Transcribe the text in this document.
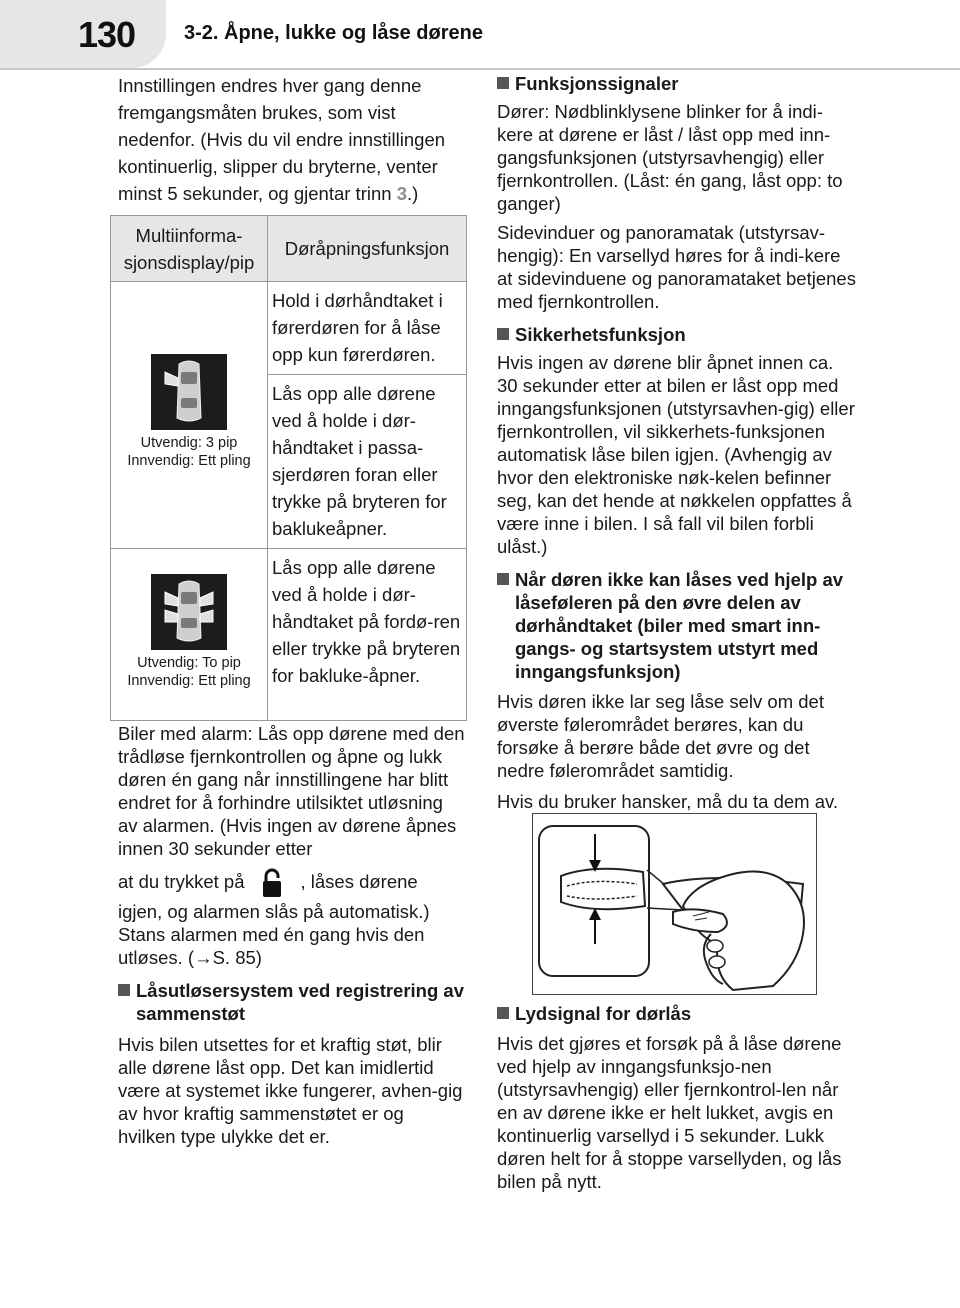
130 3-2. Åpne, lukke og låse dørene

Innstillingen endres hver gang denne fremgangsmåten brukes, som vist nedenfor. (Hvis du vil endre innstillingen kontinuerlig, slipper du bryterne, venter minst 5 sekunder, og gjentar trinn 3.)

Multiinforma-sjonsdisplay/pip	Døråpningsfunksjon

Utvendig: 3 pip
Innvendig: Ett pling	Hold i dørhåndtaket i førerdøren for å låse opp kun førerdøren.
	Lås opp alle dørene ved å holde i dør-håndtaket i passa-sjerdøren foran eller trykke på bryteren for baklukeåpner.

Utvendig: To pip
Innvendig: Ett pling	Lås opp alle dørene ved å holde i dør-håndtaket på fordø-ren eller trykke på bryteren for bakluke-åpner.

Biler med alarm: Lås opp dørene med den trådløse fjernkontrollen og åpne og lukk døren én gang når innstillingene har blitt endret for å forhindre utilsiktet utløsning av alarmen. (Hvis ingen av dørene åpnes innen 30 sekunder etter

at du trykket på	, låses dørene igjen, og alarmen slås på automatisk.) Stans alarmen med én gang hvis den utløses. (→S. 85)

Låsutløsersystem ved registrering av sammenstøt

Hvis bilen utsettes for et kraftig støt, blir alle dørene låst opp. Det kan imidlertid være at systemet ikke fungerer, avhen-gig av hvor kraftig sammenstøtet er og hvilken type ulykke det er.

Funksjonssignaler

Dører: Nødblinklysene blinker for å indi-kere at dørene er låst / låst opp med inn-gangsfunksjonen (utstyrsavhengig) eller fjernkontrollen. (Låst: én gang, låst opp: to ganger)

Sidevinduer og panoramatak (utstyrsav-hengig): En varsellyd høres for å indi-kere at sidevinduene og panoramataket betjenes med fjernkontrollen.

Sikkerhetsfunksjon

Hvis ingen av dørene blir åpnet innen ca. 30 sekunder etter at bilen er låst opp med inngangsfunksjonen (utstyrsavhen-gig) eller fjernkontrollen, vil sikkerhets-funksjonen automatisk låse bilen igjen. (Avhengig av hvor den elektroniske nøk-kelen befinner seg, kan det hende at nøkkelen oppfattes å være inne i bilen. I så fall vil bilen forbli ulåst.)

Når døren ikke kan låses ved hjelp av låseføleren på den øvre delen av dørhåndtaket (biler med smart inn-gangs- og startsystem utstyrt med inngangsfunksjon)

Hvis døren ikke lar seg låse selv om det øverste følerområdet berøres, kan du forsøke å berøre både det øvre og det nedre følerområdet samtidig.

Hvis du bruker hansker, må du ta dem av.

Lydsignal for dørlås

Hvis det gjøres et forsøk på å låse dørene ved hjelp av inngangsfunksjo-nen (utstyrsavhengig) eller fjernkontrol-len når en av dørene ikke er helt lukket, avgis en kontinuerlig varsellyd i 5 sekunder. Lukk døren helt for å stoppe varsellyden, og lås bilen på nytt.
